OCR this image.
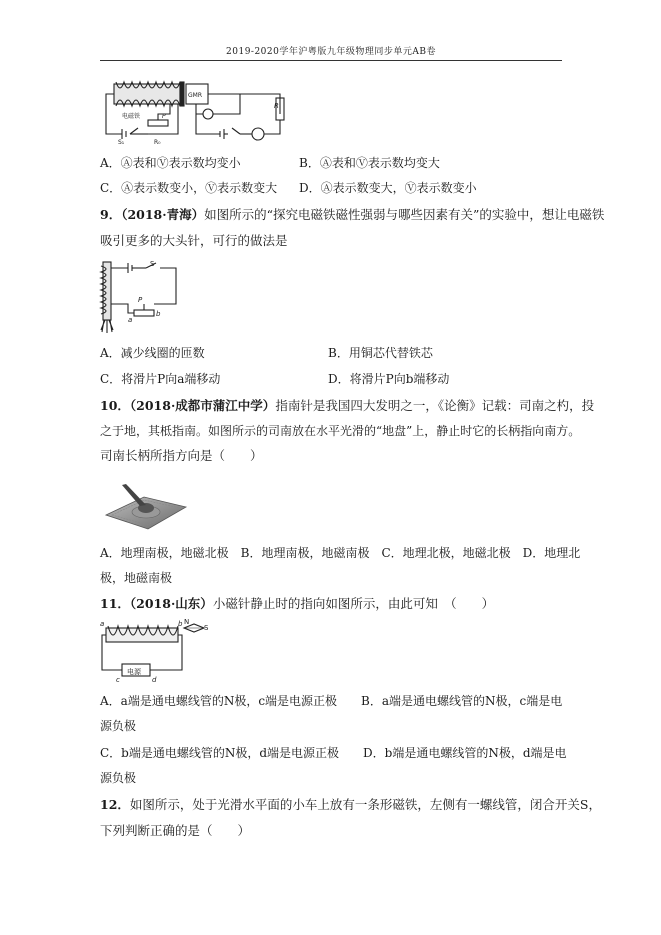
2019-2020学年沪粤版九年级物理同步单元AB卷
GMR
R
电磁铁
S₁
P
R₀
A．Ⓐ表和Ⓥ表示数均变小	B．Ⓐ表和Ⓥ表示数均变大
C．Ⓐ表示数变小，Ⓥ表示数变大 D．Ⓐ表示数变大，Ⓥ表示数变小
9．（2018·青海）如图所示的“探究电磁铁磁性强弱与哪些因素有关”的实验中，想让电磁铁
吸引更多的大头针，可行的做法是
S
P
a
b
A．减少线圈的匝数	B．用铜芯代替铁芯
C．将滑片P向a端移动	D．将滑片P向b端移动
10．（2018·成都市蒲江中学）指南针是我国四大发明之一，《论衡》记载：司南之杓，投
之于地，其柢指南。如图所示的司南放在水平光滑的“地盘”上，静止时它的长柄指向南方。
司南长柄所指方向是（　　）
A．地理南极，地磁北极　B．地理南极，地磁南极　C．地理北极，地磁北极　D．地理北
极，地磁南极
11．（2018·山东）小磁针静止时的指向如图所示，由此可知　（　　）
a	b
c	d
N
S
电源
A．a端是通电螺线管的N极，c端是电源正极　　B．a端是通电螺线管的N极，c端是电
源负极
C．b端是通电螺线管的N极，d端是电源正极　　D．b端是通电螺线管的N极，d端是电
源负极
12．如图所示，处于光滑水平面的小车上放有一条形磁铁，左侧有一螺线管，闭合开关S，
下列判断正确的是（　　）
